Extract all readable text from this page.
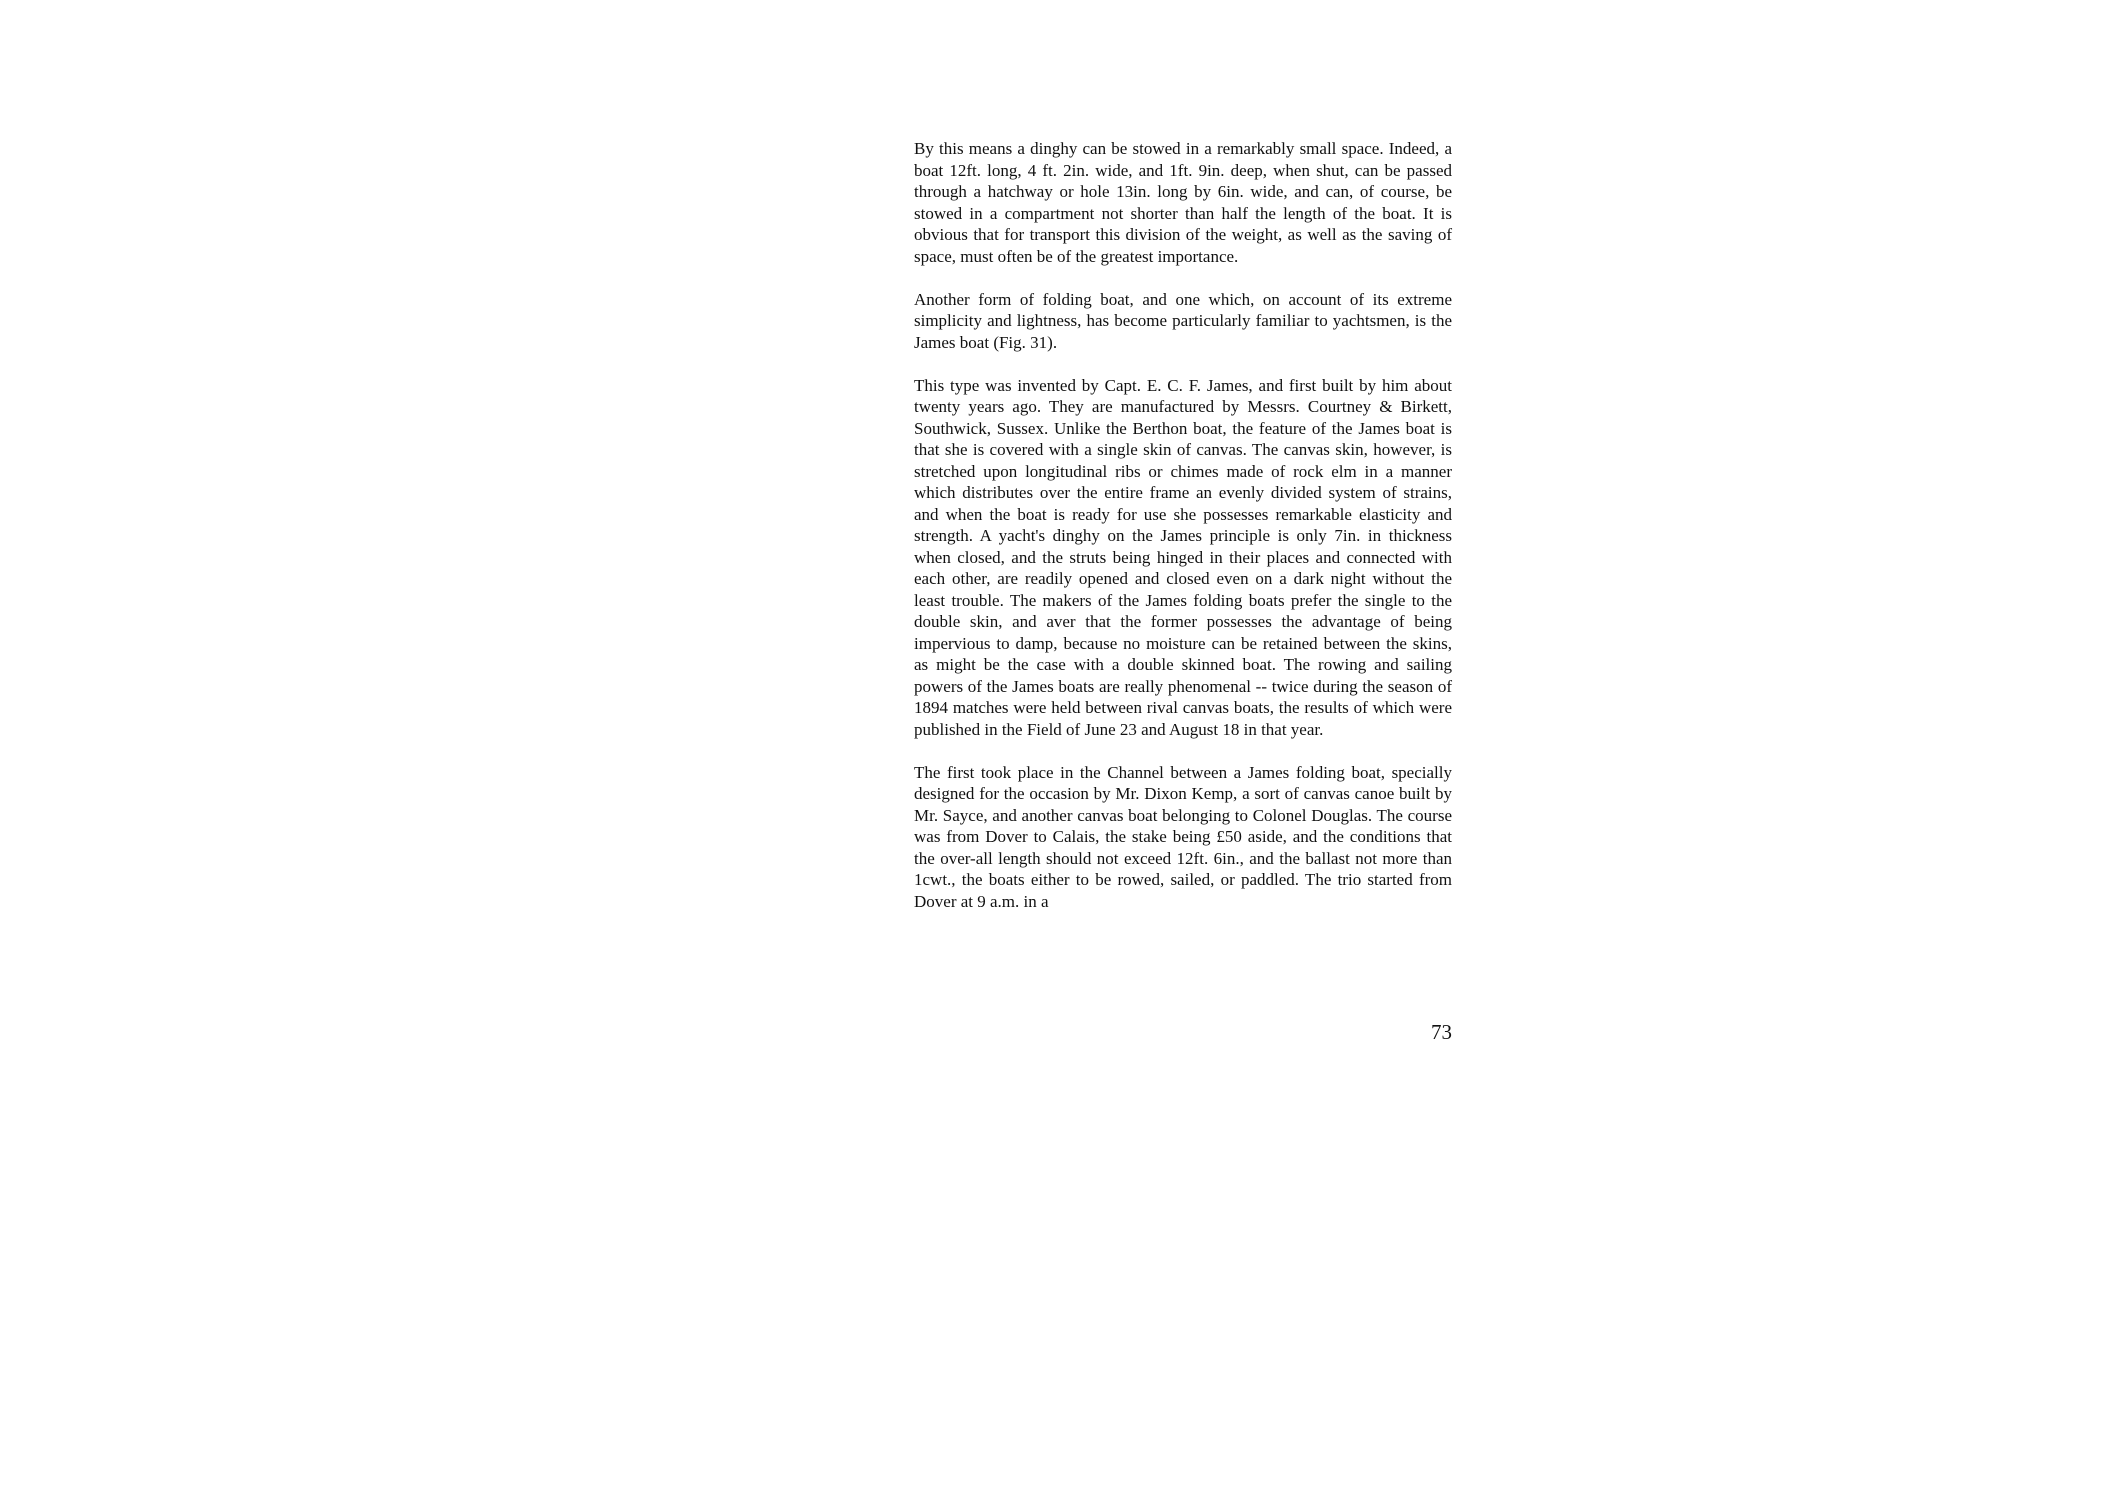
By this means a dinghy can be stowed in a remarkably small space. Indeed, a boat 12ft. long, 4 ft. 2in. wide, and 1ft. 9in. deep, when shut, can be passed through a hatchway or hole 13in. long by 6in. wide, and can, of course, be stowed in a compartment not shorter than half the length of the boat. It is obvious that for transport this division of the weight, as well as the saving of space, must often be of the greatest importance.

Another form of folding boat, and one which, on account of its extreme simplicity and lightness, has become particularly familiar to yachtsmen, is the James boat (Fig. 31).

This type was invented by Capt. E. C. F. James, and first built by him about twenty years ago. They are manufactured by Messrs. Courtney & Birkett, Southwick, Sussex. Unlike the Berthon boat, the feature of the James boat is that she is covered with a single skin of canvas. The canvas skin, however, is stretched upon longitudinal ribs or chimes made of rock elm in a manner which distributes over the entire frame an evenly divided system of strains, and when the boat is ready for use she possesses remarkable elasticity and strength. A yacht's dinghy on the James principle is only 7in. in thickness when closed, and the struts being hinged in their places and connected with each other, are readily opened and closed even on a dark night without the least trouble. The makers of the James folding boats prefer the single to the double skin, and aver that the former possesses the advantage of being impervious to damp, because no moisture can be retained between the skins, as might be the case with a double skinned boat. The rowing and sailing powers of the James boats are really phenomenal -- twice during the season of 1894 matches were held between rival canvas boats, the results of which were published in the Field of June 23 and August 18 in that year.

The first took place in the Channel between a James folding boat, specially designed for the occasion by Mr. Dixon Kemp, a sort of canvas canoe built by Mr. Sayce, and another canvas boat belonging to Colonel Douglas. The course was from Dover to Calais, the stake being £50 aside, and the conditions that the over-all length should not exceed 12ft. 6in., and the ballast not more than 1cwt., the boats either to be rowed, sailed, or paddled. The trio started from Dover at 9 a.m. in a

73
